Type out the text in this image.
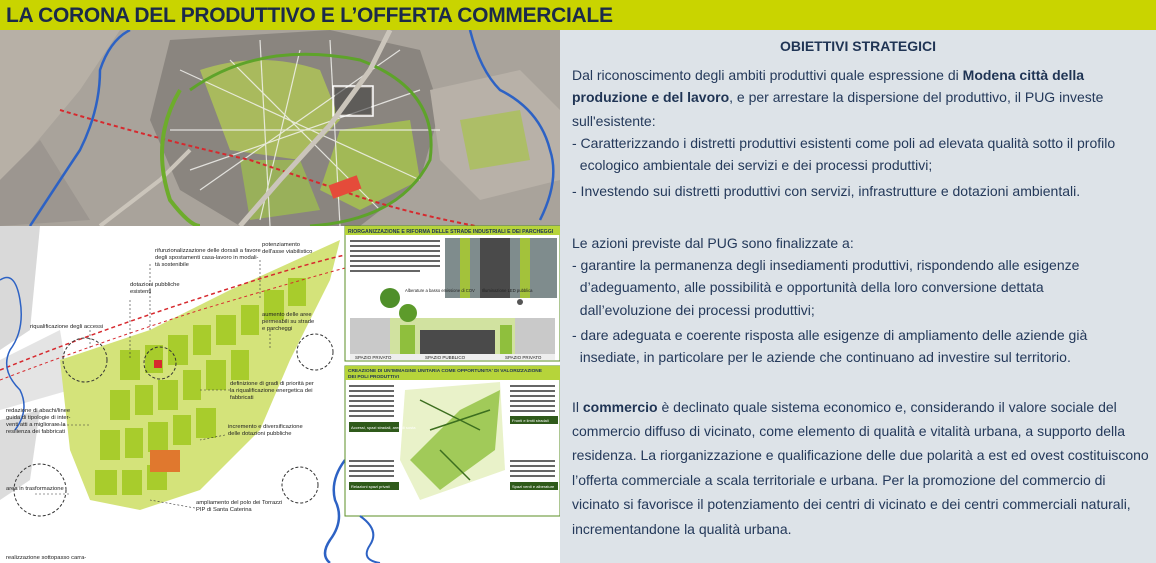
LA CORONA DEL PRODUTTIVO E L’OFFERTA COMMERCIALE
rifunzionalizzazione delle dorsali a favore
degli spostamenti casa-lavoro in modali-
tà sostenibile
potenziamento
dell'asse viabilistico
dotazioni pubbliche
esistenti
riqualificazione degli accessi
aumento delle aree
permeabili su strade
e parcheggi
definizione di gradi di priorità per
la riqualificazione energetica dei
fabbricati
redazione di abachi/linee
guida di tipologie di inter-
venti atti a migliorare la
resilienza dei fabbricati
incremento e diversificazione
delle dotazioni pubbliche
area in trasformazione
ampliamento del polo dei Torrazzi
PIP di Santa Caterina
realizzazione sottopasso carra-
RIORGANIZZAZIONE E RIFORMA DELLE STRADE INDUSTRIALI E DEI PARCHEGGI
Alberature a basso emissione di COV Illuminazione LED pubblica
SPAZIO PRIVATO	SPAZIO PUBBLICO	SPAZIO PRIVATO
CREAZIONE DI UN'IMMAGINE UNITARIA COME OPPORTUNITA' DI VALORIZZAZIONE
DEI POLI PRODUTTIVI
Accessi, spazi stradali, aree di sosta
Fronti e limiti stradali
Relazioni spazi privati	Spazi verdi e alberature
OBIETTIVI STRATEGICI
Dal riconoscimento degli ambiti produttivi quale espressione di Modena città della
produzione e del lavoro, e per arrestare la dispersione del produttivo, il PUG investe
sull'esistente:
- Caratterizzando i distretti produttivi esistenti come poli ad elevata qualità sotto il profilo
ecologico ambientale dei servizi e dei processi produttivi;
- Investendo sui distretti produttivi con servizi, infrastrutture e dotazioni ambientali.
Le azioni previste dal PUG sono finalizzate a:
- garantire la permanenza degli insediamenti produttivi, rispondendo alle esigenze
d’adeguamento, alle possibilità e opportunità della loro conversione dettata
dall’evoluzione dei processi produttivi;
- dare adeguata e coerente risposta alle esigenze di ampliamento delle aziende già
insediate, in particolare per le aziende che continuano ad investire sul territorio.
Il commercio è declinato quale sistema economico e, considerando il valore sociale del
commercio diffuso di vicinato, come elemento di qualità e vitalità urbana, a supporto della
residenza. La riorganizzazione e qualificazione delle due polarità a est ed ovest costituiscono
l’offerta commerciale a scala territoriale e urbana. Per la promozione del commercio di
vicinato si favorisce il potenziamento dei centri di vicinato e dei centri commerciali naturali,
incrementandone la qualità urbana.
